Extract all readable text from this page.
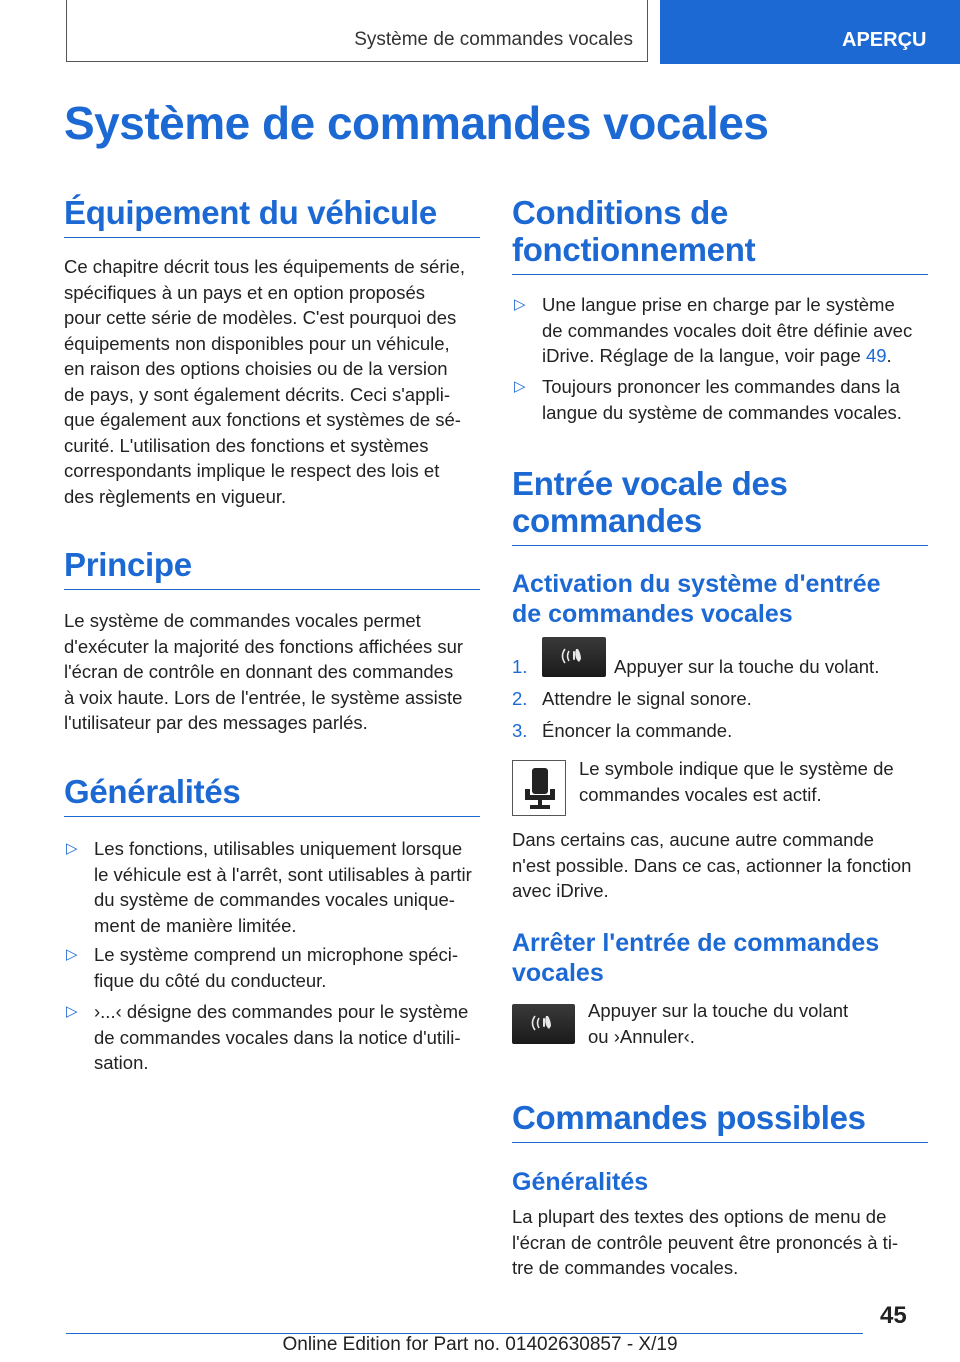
Système de commandes vocales	APERÇU
Système de commandes vocales
Équipement du véhicule
Ce chapitre décrit tous les équipements de série,
spécifiques à un pays et en option proposés
pour cette série de modèles. C'est pourquoi des
équipements non disponibles pour un véhicule,
en raison des options choisies ou de la version
de pays, y sont également décrits. Ceci s'appli-
que également aux fonctions et systèmes de sé-
curité. L'utilisation des fonctions et systèmes
correspondants implique le respect des lois et
des règlements en vigueur.
Principe
Le système de commandes vocales permet
d'exécuter la majorité des fonctions affichées sur
l'écran de contrôle en donnant des commandes
à voix haute. Lors de l'entrée, le système assiste
l'utilisateur par des messages parlés.
Généralités
▷ Les fonctions, utilisables uniquement lorsque
le véhicule est à l'arrêt, sont utilisables à partir
du système de commandes vocales unique-
ment de manière limitée.
▷ Le système comprend un microphone spéci-
fique du côté du conducteur.
▷ ›...‹ désigne des commandes pour le système
de commandes vocales dans la notice d'utili-
sation.
Conditions de
fonctionnement
▷ Une langue prise en charge par le système
de commandes vocales doit être définie avec
iDrive. Réglage de la langue, voir page 49.
▷ Toujours prononcer les commandes dans la
langue du système de commandes vocales.
Entrée vocale des
commandes
Activation du système d'entrée
de commandes vocales
1.	Appuyer sur la touche du volant.
2. Attendre le signal sonore.
3. Énoncer la commande.
Le symbole indique que le système de
commandes vocales est actif.
Dans certains cas, aucune autre commande
n'est possible. Dans ce cas, actionner la fonction
avec iDrive.
Arrêter l'entrée de commandes
vocales
Appuyer sur la touche du volant
ou ›Annuler‹.
Commandes possibles
Généralités
La plupart des textes des options de menu de
l'écran de contrôle peuvent être prononcés à ti-
tre de commandes vocales.
45
Online Edition for Part no. 01402630857 - X/19
